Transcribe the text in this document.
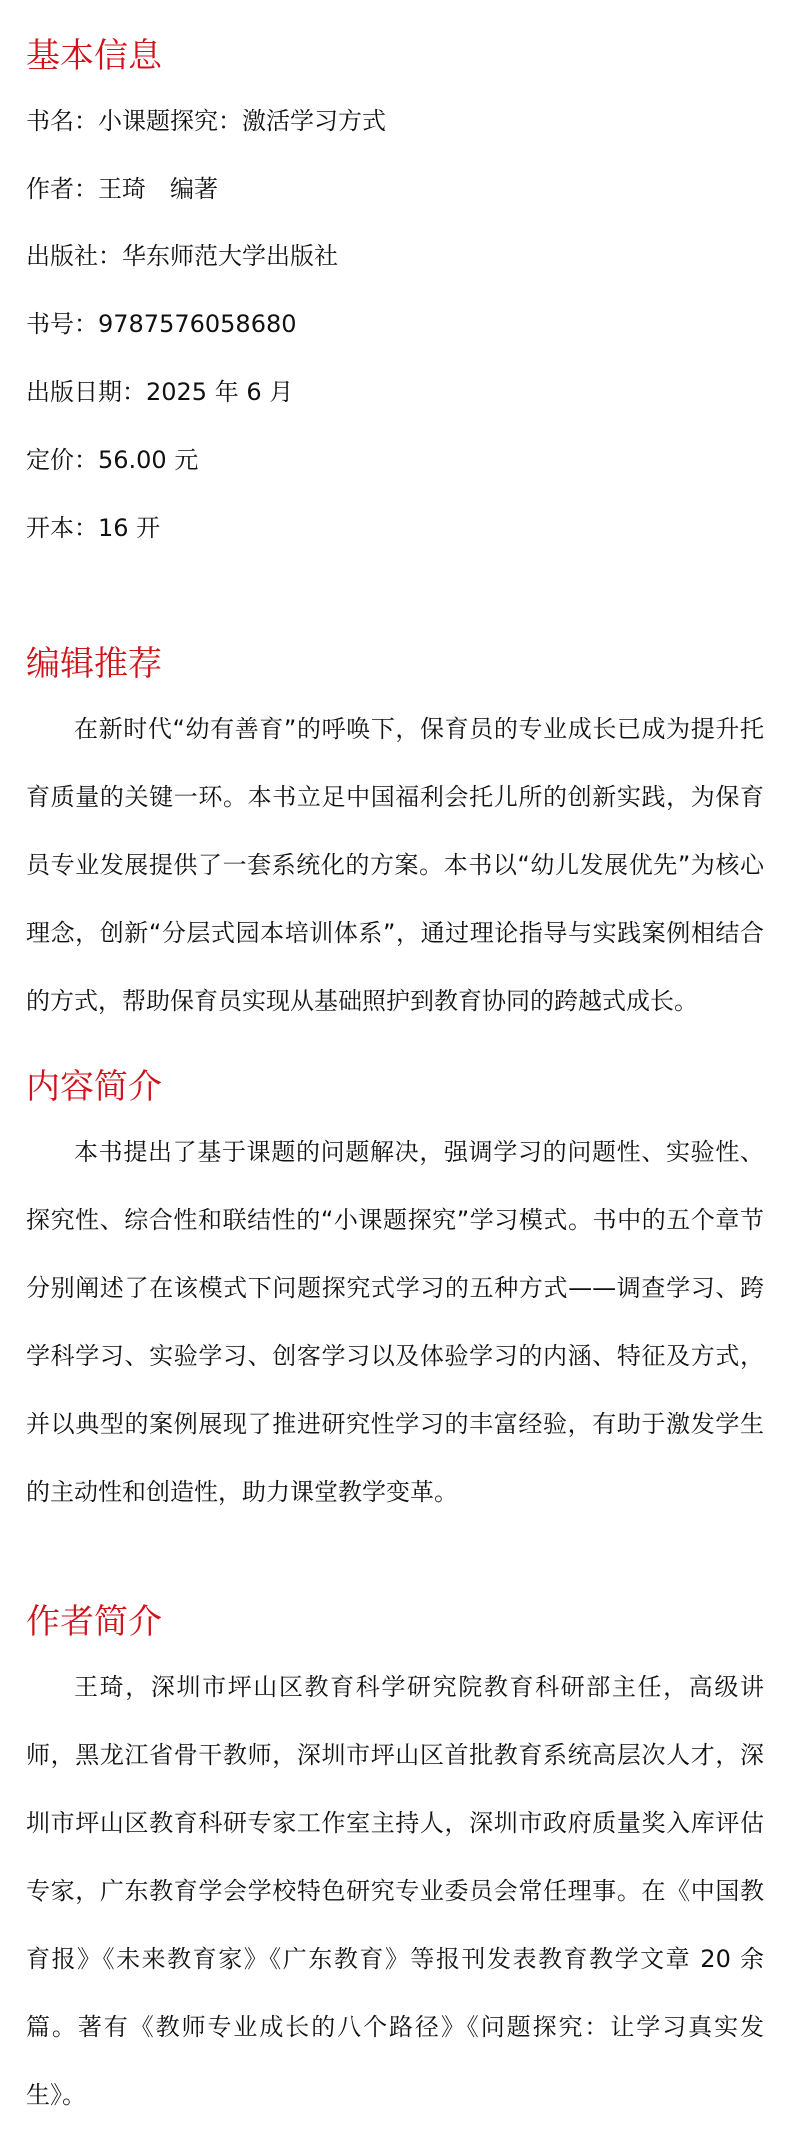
基本信息

书名：小课题探究：激活学习方式

作者：王琦　编著

出版社：华东师范大学出版社

书号：9787576058680

出版日期：2025 年 6 月

定价：56.00 元

开本：16 开

编辑推荐

在新时代“幼有善育”的呼唤下，保育员的专业成长已成为提升托育质量的关键一环。本书立足中国福利会托儿所的创新实践，为保育员专业发展提供了一套系统化的方案。本书以“幼儿发展优先”为核心理念，创新“分层式园本培训体系”，通过理论指导与实践案例相结合的方式，帮助保育员实现从基础照护到教育协同的跨越式成长。

内容简介

本书提出了基于课题的问题解决，强调学习的问题性、实验性、探究性、综合性和联结性的“小课题探究”学习模式。书中的五个章节分别阐述了在该模式下问题探究式学习的五种方式——调查学习、跨学科学习、实验学习、创客学习以及体验学习的内涵、特征及方式，并以典型的案例展现了推进研究性学习的丰富经验，有助于激发学生的主动性和创造性，助力课堂教学变革。

作者简介

王琦，深圳市坪山区教育科学研究院教育科研部主任，高级讲师，黑龙江省骨干教师，深圳市坪山区首批教育系统高层次人才，深圳市坪山区教育科研专家工作室主持人，深圳市政府质量奖入库评估专家，广东教育学会学校特色研究专业委员会常任理事。在《中国教育报》《未来教育家》《广东教育》等报刊发表教育教学文章 20 余篇。著有《教师专业成长的八个路径》《问题探究：让学习真实发生》。
